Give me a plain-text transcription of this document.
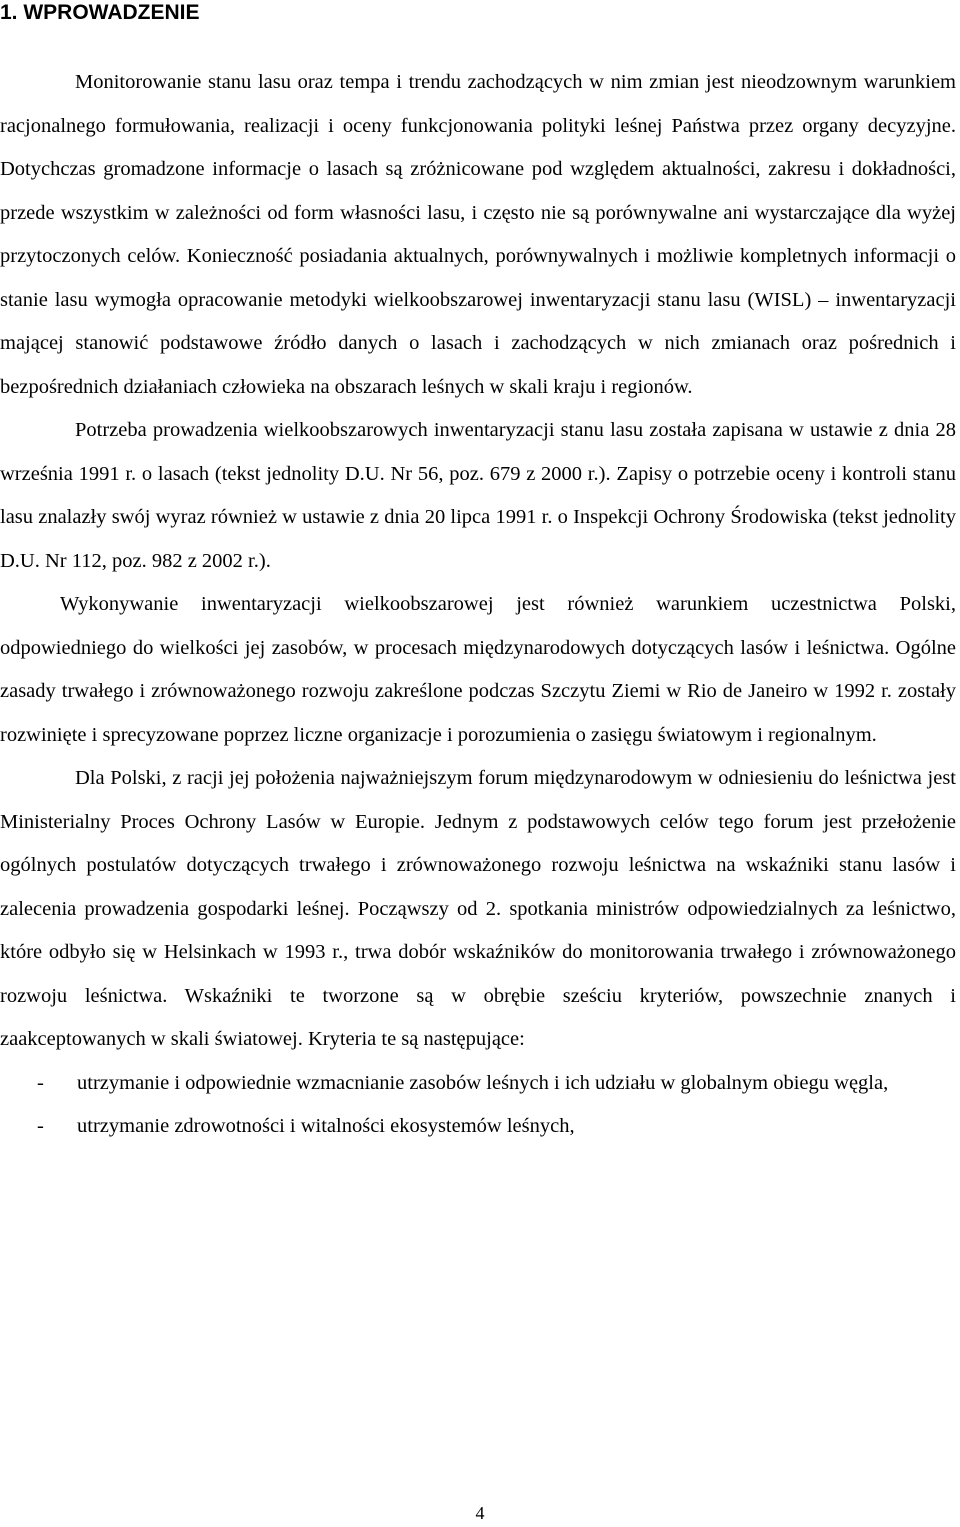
1. WPROWADZENIE

Monitorowanie stanu lasu oraz tempa i trendu zachodzących w nim zmian jest nieodzownym warunkiem racjonalnego formułowania, realizacji i oceny funkcjonowania polityki leśnej Państwa przez organy decyzyjne. Dotychczas gromadzone informacje o lasach są zróżnicowane pod względem aktualności, zakresu i dokładności, przede wszystkim w zależności od form własności lasu, i często nie są porównywalne ani wystarczające dla wyżej przytoczonych celów. Konieczność posiadania aktualnych, porównywalnych i możliwie kompletnych informacji o stanie lasu wymogła opracowanie metodyki wielkoobszarowej inwentaryzacji stanu lasu (WISL) – inwentaryzacji mającej stanowić podstawowe źródło danych o lasach i zachodzących w nich zmianach oraz pośrednich i bezpośrednich działaniach człowieka na obszarach leśnych w skali kraju i regionów.

Potrzeba prowadzenia wielkoobszarowych inwentaryzacji stanu lasu została zapisana w ustawie z dnia 28 września 1991 r. o lasach (tekst jednolity D.U. Nr 56, poz. 679 z 2000 r.). Zapisy o potrzebie oceny i kontroli stanu lasu znalazły swój wyraz również w ustawie z dnia 20 lipca 1991 r. o Inspekcji Ochrony Środowiska (tekst jednolity D.U. Nr 112, poz. 982 z 2002 r.).

Wykonywanie inwentaryzacji wielkoobszarowej jest również warunkiem uczestnictwa Polski, odpowiedniego do wielkości jej zasobów, w procesach międzynarodowych dotyczących lasów i leśnictwa. Ogólne zasady trwałego i zrównoważonego rozwoju zakreślone podczas Szczytu Ziemi w Rio de Janeiro w 1992 r. zostały rozwinięte i sprecyzowane poprzez liczne organizacje i porozumienia o zasięgu światowym i regionalnym.

Dla Polski, z racji jej położenia najważniejszym forum międzynarodowym w odniesieniu do leśnictwa jest Ministerialny Proces Ochrony Lasów w Europie. Jednym z podstawowych celów tego forum jest przełożenie ogólnych postulatów dotyczących trwałego i zrównoważonego rozwoju leśnictwa na wskaźniki stanu lasów i zalecenia prowadzenia gospodarki leśnej. Począwszy od 2. spotkania ministrów odpowiedzialnych za leśnictwo, które odbyło się w Helsinkach w 1993 r., trwa dobór wskaźników do monitorowania trwałego i zrównoważonego rozwoju leśnictwa. Wskaźniki te tworzone są w obrębie sześciu kryteriów, powszechnie znanych i zaakceptowanych w skali światowej. Kryteria te są następujące:

- utrzymanie i odpowiednie wzmacnianie zasobów leśnych i ich udziału w globalnym obiegu węgla,
- utrzymanie zdrowotności i witalności ekosystemów leśnych,
4
